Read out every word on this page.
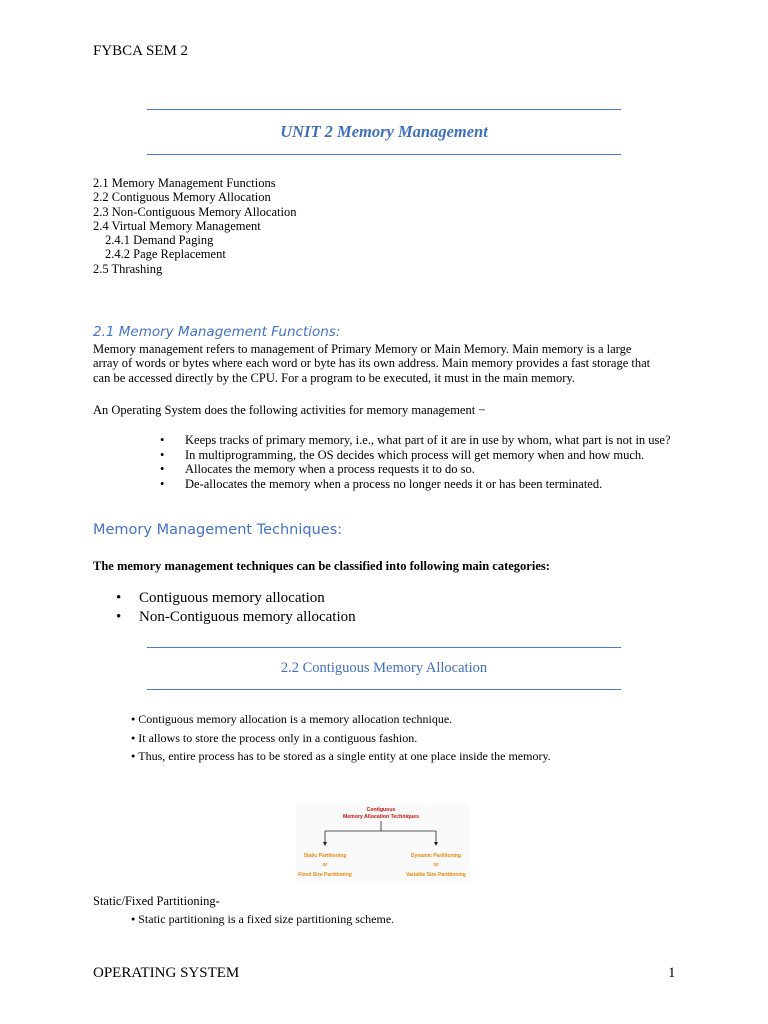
FYBCA SEM 2
UNIT 2 Memory Management
2.1 Memory Management Functions
2.2 Contiguous Memory Allocation
2.3 Non-Contiguous Memory Allocation
2.4 Virtual Memory Management
2.4.1 Demand Paging
2.4.2 Page Replacement
2.5 Thrashing
2.1 Memory Management Functions:
Memory management refers to management of Primary Memory or Main Memory. Main memory is a large
array of words or bytes where each word or byte has its own address. Main memory provides a fast storage that
can be accessed directly by the CPU. For a program to be executed, it must in the main memory.
An Operating System does the following activities for memory management −
• Keeps tracks of primary memory, i.e., what part of it are in use by whom, what part is not in use?
• In multiprogramming, the OS decides which process will get memory when and how much.
• Allocates the memory when a process requests it to do so.
• De-allocates the memory when a process no longer needs it or has been terminated.
Memory Management Techniques:
The memory management techniques can be classified into following main categories:
• Contiguous memory allocation
• Non-Contiguous memory allocation
2.2 Contiguous Memory Allocation
● Contiguous memory allocation is a memory allocation technique.
● It allows to store the process only in a contiguous fashion.
● Thus, entire process has to be stored as a single entity at one place inside the memory.
Contiguous
Memory Allocation Techniques
Static Partitioning
or
Fixed Size Partitioning
Dynamic Partitioning
or
Variable Size Partitioning
Static/Fixed Partitioning-
● Static partitioning is a fixed size partitioning scheme.
OPERATING SYSTEM	1
